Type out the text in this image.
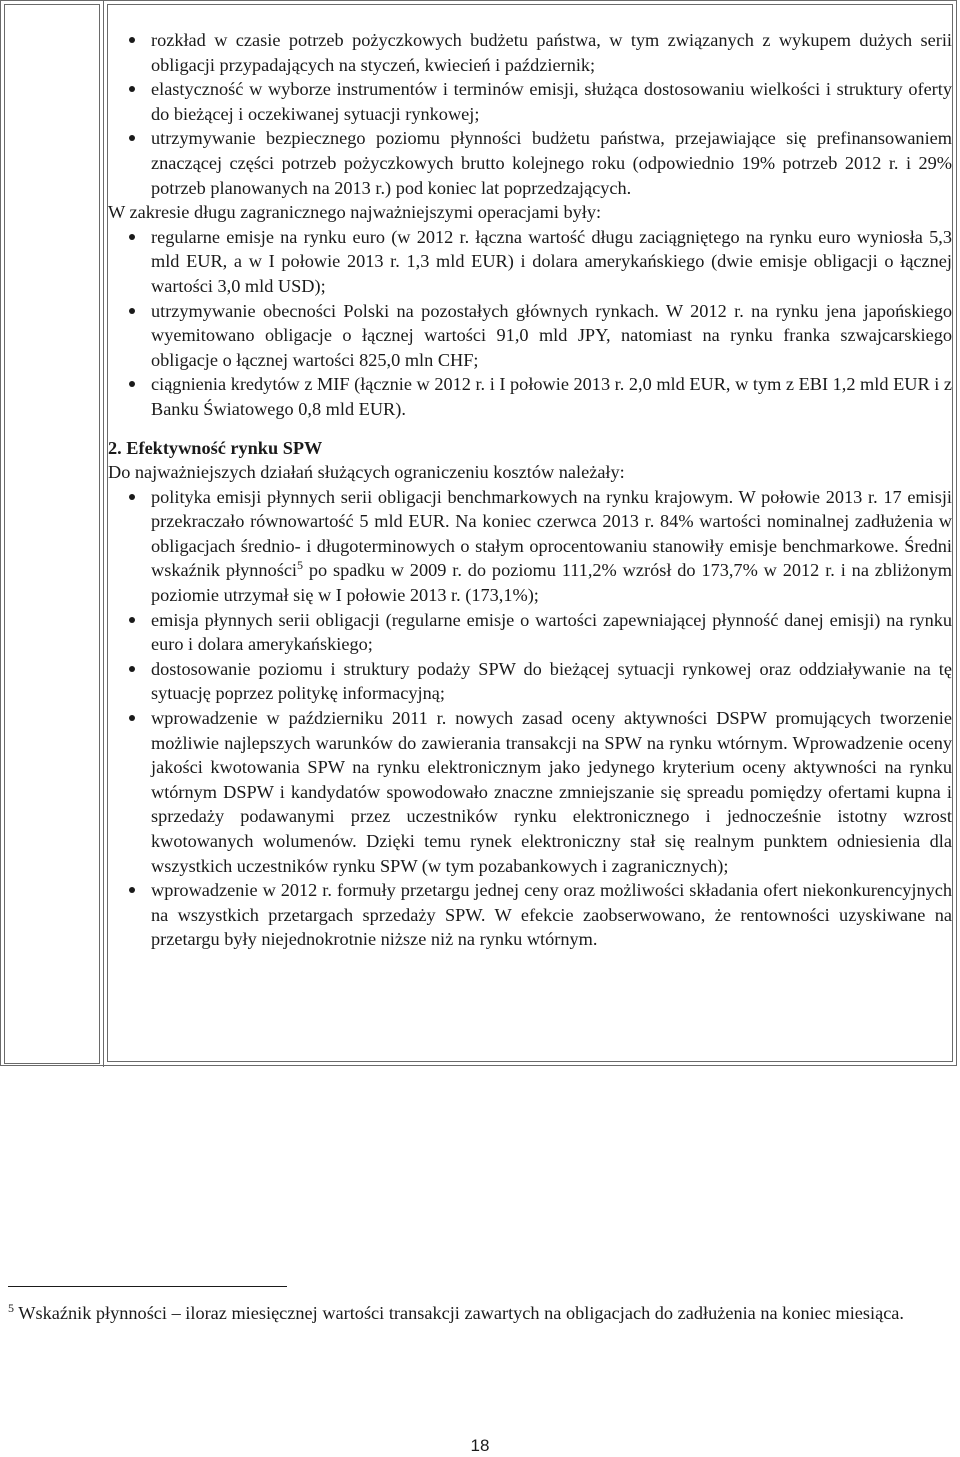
rozkład w czasie potrzeb pożyczkowych budżetu państwa, w tym związanych z wykupem dużych serii obligacji przypadających na styczeń, kwiecień i październik;
elastyczność w wyborze instrumentów i terminów emisji, służąca dostosowaniu wielkości i struktury oferty do bieżącej i oczekiwanej sytuacji rynkowej;
utrzymywanie bezpiecznego poziomu płynności budżetu państwa, przejawiające się prefinansowaniem znaczącej części potrzeb pożyczkowych brutto kolejnego roku (odpowiednio 19% potrzeb 2012 r. i 29% potrzeb planowanych na 2013 r.) pod koniec lat poprzedzających.

W zakresie długu zagranicznego najważniejszymi operacjami były:

regularne emisje na rynku euro (w 2012 r. łączna wartość długu zaciągniętego na rynku euro wyniosła 5,3 mld EUR, a w I połowie 2013 r. 1,3 mld EUR) i dolara amerykańskiego (dwie emisje obligacji o łącznej wartości 3,0 mld USD);
utrzymywanie obecności Polski na pozostałych głównych rynkach. W 2012 r. na rynku jena japońskiego wyemitowano obligacje o łącznej wartości 91,0 mld JPY, natomiast na rynku franka szwajcarskiego obligacje o łącznej wartości 825,0 mln CHF;
ciągnienia kredytów z MIF (łącznie w 2012 r. i I połowie 2013 r. 2,0 mld EUR, w tym z EBI 1,2 mld EUR i z Banku Światowego 0,8 mld EUR).

2. Efektywność rynku SPW

Do najważniejszych działań służących ograniczeniu kosztów należały:

polityka emisji płynnych serii obligacji benchmarkowych na rynku krajowym. W połowie 2013 r. 17 emisji przekraczało równowartość 5 mld EUR. Na koniec czerwca 2013 r. 84% wartości nominalnej zadłużenia w obligacjach średnio- i długoterminowych o stałym oprocentowaniu stanowiły emisje benchmarkowe. Średni wskaźnik płynności$^5$ po spadku w 2009 r. do poziomu 111,2% wzrósł do 173,7% w 2012 r. i na zbliżonym poziomie utrzymał się w I połowie 2013 r. (173,1%);
emisja płynnych serii obligacji (regularne emisje o wartości zapewniającej płynność danej emisji) na rynku euro i dolara amerykańskiego;
dostosowanie poziomu i struktury podaży SPW do bieżącej sytuacji rynkowej oraz oddziaływanie na tę sytuację poprzez politykę informacyjną;
wprowadzenie w październiku 2011 r. nowych zasad oceny aktywności DSPW promujących tworzenie możliwie najlepszych warunków do zawierania transakcji na SPW na rynku wtórnym. Wprowadzenie oceny jakości kwotowania SPW na rynku elektronicznym jako jedynego kryterium oceny aktywności na rynku wtórnym DSPW i kandydatów spowodowało znaczne zmniejszanie się spreadu pomiędzy ofertami kupna i sprzedaży podawanymi przez uczestników rynku elektronicznego i jednocześnie istotny wzrost kwotowanych wolumenów. Dzięki temu rynek elektroniczny stał się realnym punktem odniesienia dla wszystkich uczestników rynku SPW (w tym pozabankowych i zagranicznych);
wprowadzenie w 2012 r. formuły przetargu jednej ceny oraz możliwości składania ofert niekonkurencyjnych na wszystkich przetargach sprzedaży SPW. W efekcie zaobserwowano, że rentowności uzyskiwane na przetargu były niejednokrotnie niższe niż na rynku wtórnym.
$^5$ Wskaźnik płynności – iloraz miesięcznej wartości transakcji zawartych na obligacjach do zadłużenia na koniec miesiąca.
18
